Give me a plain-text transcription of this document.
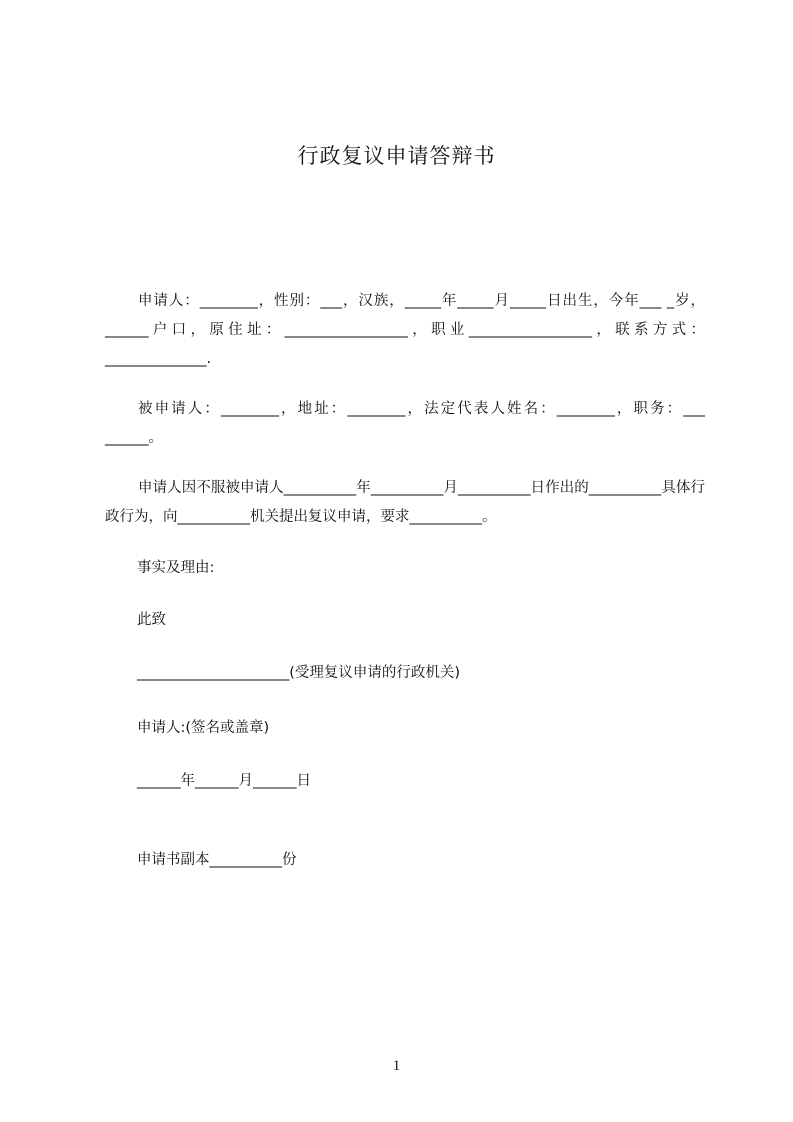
行政复议申请答辩书
申请人：________，性别：___，汉族，_____年_____月_____日出生，今年___ _岁，______户口，原住址：_________________，职业_________________，联系方式：______________.
被申请人：________，地址：________，法定代表人姓名：________，职务：___ ______。
申请人因不服被申请人__________年__________月__________日作出的__________具体行政行为，向__________机关提出复议申请，要求__________。
事实及理由:
此致
_____________________(受理复议申请的行政机关)
申请人:(签名或盖章)
______年______月______日
申请书副本__________份
1
